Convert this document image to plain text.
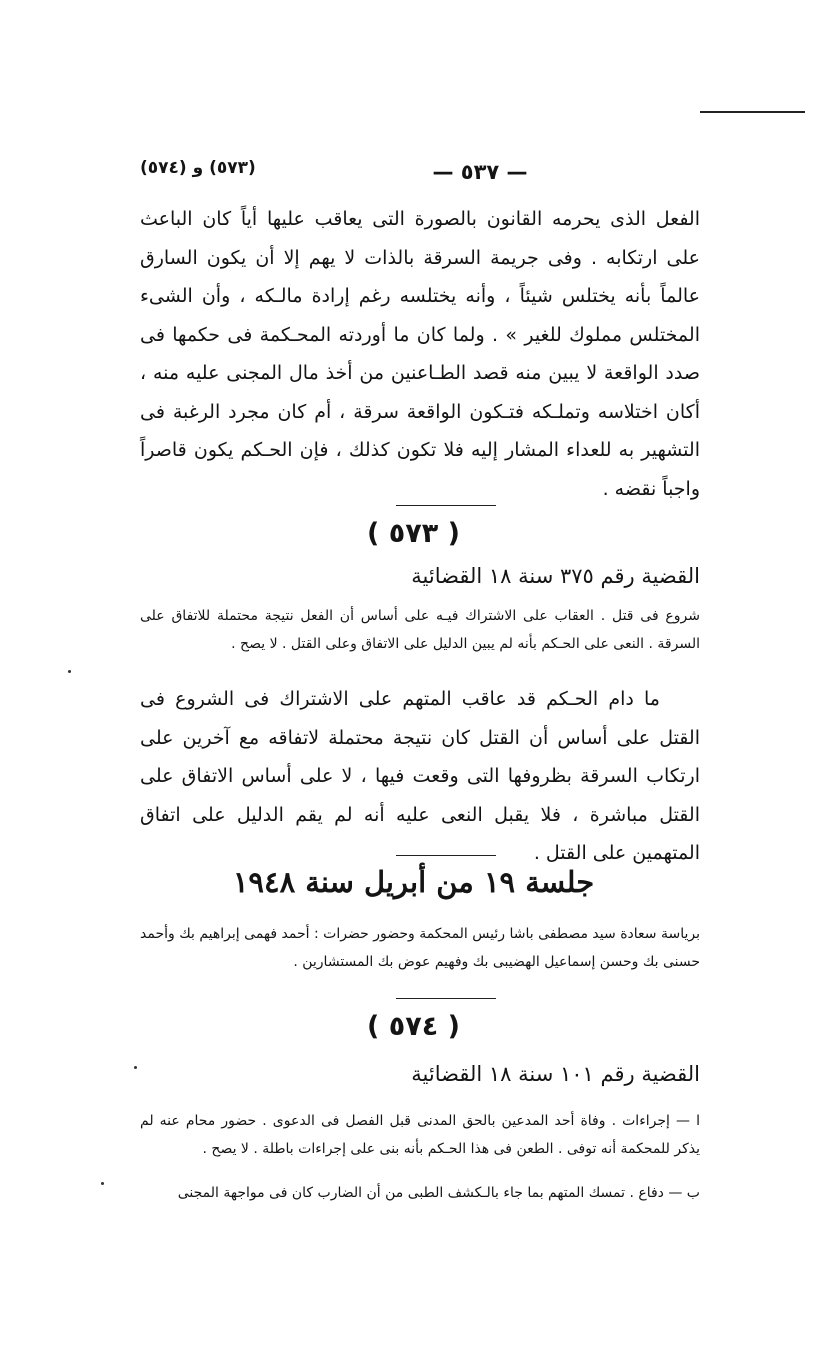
— ٥٣٧ —
(٥٧٣) و (٥٧٤)

الفعل الذى يحرمه القانون بالصورة التى يعاقب عليها أياً كان الباعث على ارتكابه . وفى جريمة السرقة بالذات لا يهم إلا أن يكون السارق عالماً بأنه يختلس شيئاً ، وأنه يختلسه رغم إرادة مالـكه ، وأن الشىء المختلس مملوك للغير » . ولما كان ما أوردته المحـكمة فى حكمها فى صدد الواقعة لا يبين منه قصد الطـاعنين من أخذ مال المجنى عليه منه ، أكان اختلاسه وتملـكه فتـكون الواقعة سرقة ، أم كان مجرد الرغبة فى التشهير به للعداء المشار إليه فلا تكون كذلك ، فإن الحـكم يكون قاصراً واجباً نقضه .

( ٥٧٣ )
القضية رقم ٣٧٥ سنة ١٨ القضائية

شروع فى قتل . العقاب على الاشتراك فيـه على أساس أن الفعل نتيجة محتملة للاتفاق على السرقة . النعى على الحـكم بأنه لم يبين الدليل على الاتفاق وعلى القتل . لا يصح .

ما دام الحـكم قد عاقب المتهم على الاشتراك فى الشروع فى القتل على أساس أن القتل كان نتيجة محتملة لاتفاقه مع آخرين على ارتكاب السرقة بظروفها التى وقعت فيها ، لا على أساس الاتفاق على القتل مباشرة ، فلا يقبل النعى عليه أنه لم يقم الدليل على اتفاق المتهمين على القتل .

جلسة ١٩ من أبريل سنة ١٩٤٨

برياسة سعادة سيد مصطفى باشا رئيس المحكمة وحضور حضرات : أحمد فهمى إبراهيم بك وأحمد حسنى بك وحسن إسماعيل الهضيبى بك وفهيم عوض بك المستشارين .

( ٥٧٤ )
القضية رقم ١٠١ سنة ١٨ القضائية

ا — إجراءات . وفاة أحد المدعين بالحق المدنى قبل الفصل فى الدعوى . حضور محام عنه لم يذكر للمحكمة أنه توفى . الطعن فى هذا الحـكم بأنه بنى على إجراءات باطلة . لا يصح .

ب — دفاع . تمسك المتهم بما جاء بالـكشف الطبى من أن الضارب كان فى مواجهة المجنى
